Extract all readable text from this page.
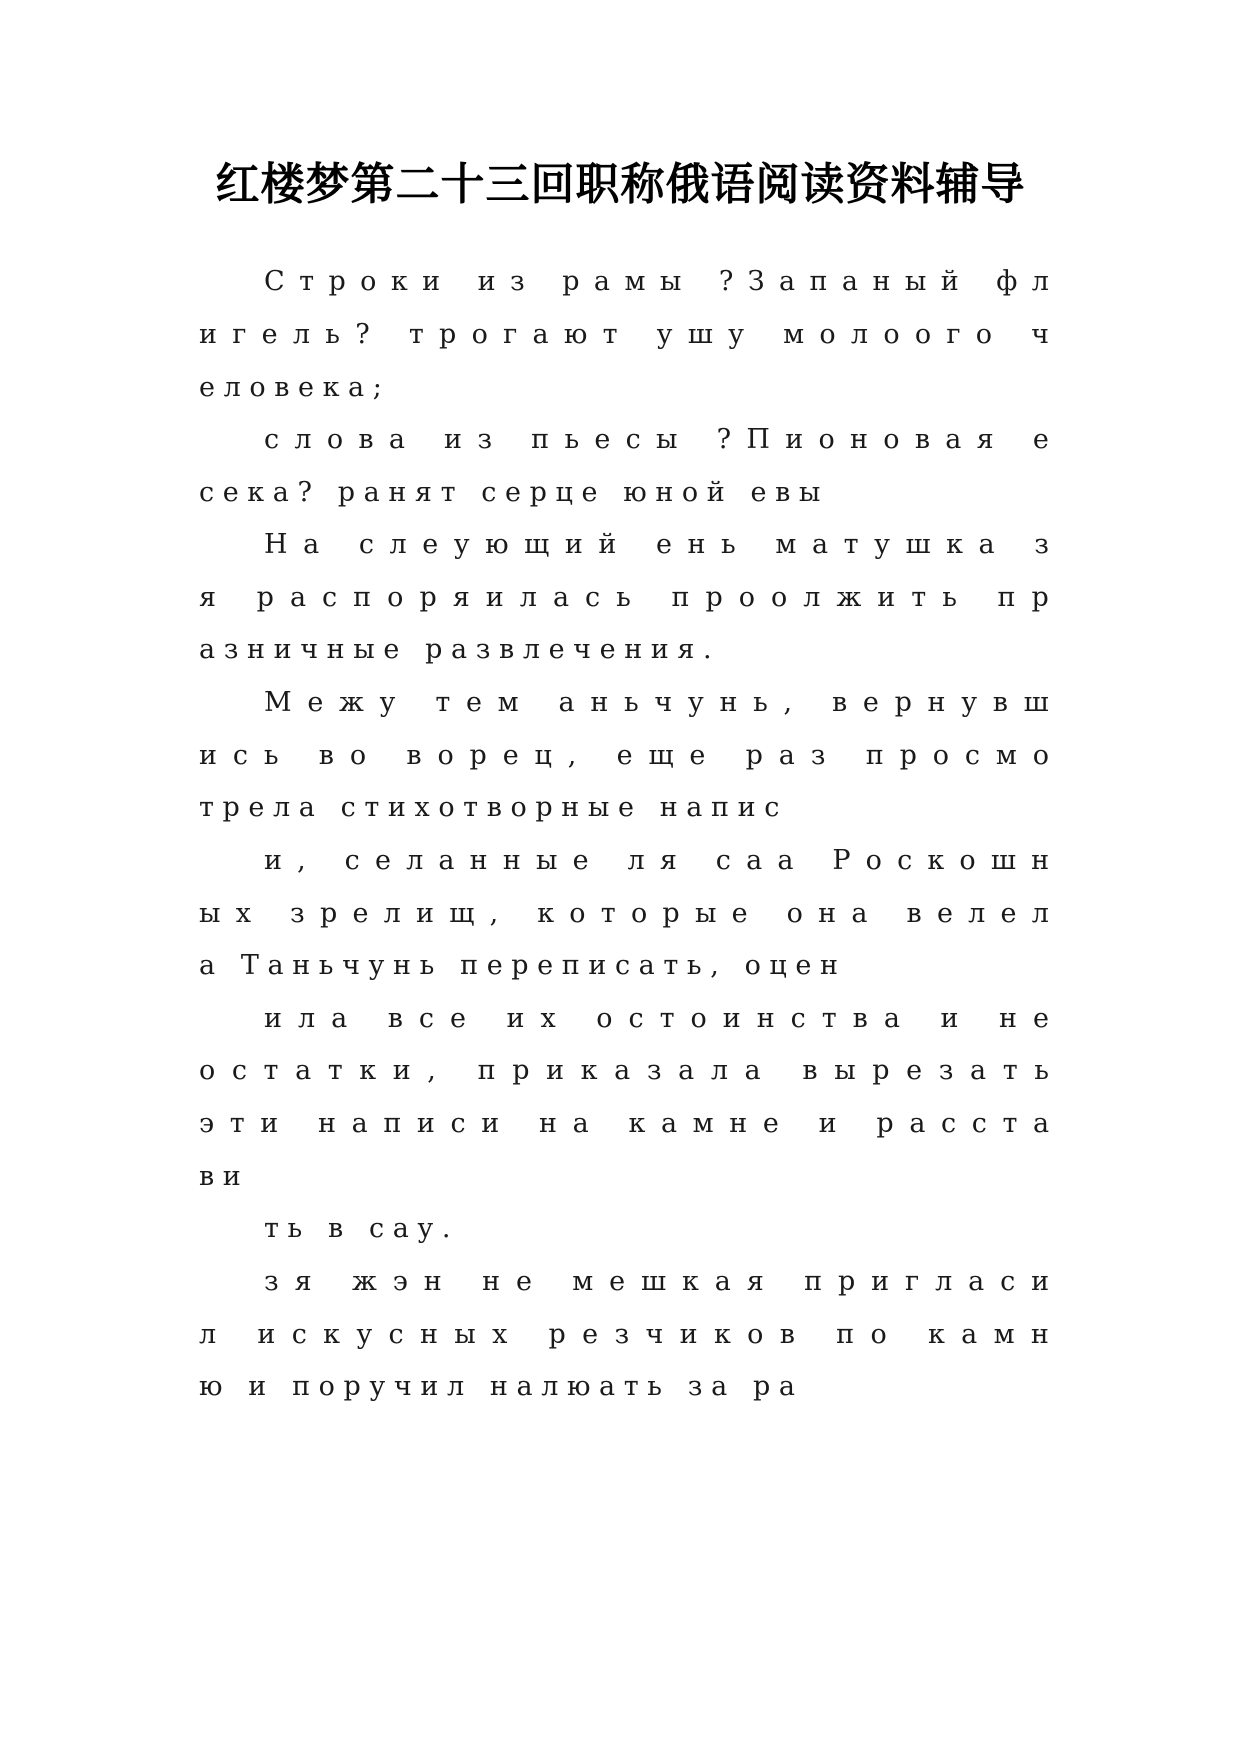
红楼梦第二十三回职称俄语阅读资料辅导
С т р о к и и з р а м ы ? З а п а н ы й ф л
и г е л ь ? т р о г а ю т у ш у м о л о о г о ч
е л о в е к а ;
с л о в а и з п ь е с ы ? П и о н о в а я е
с е к а ? р а н я т с е р ц е ю н о й е в ы
Н а с л е у ю щ и й е н ь м а т у ш к а з
я р а с п о р я и л а с ь п р о о л ж и т ь п р
а з н и ч н ы е р а з в л е ч е н и я .
М е ж у т е м а н ь ч у н ь , в е р н у в ш
и с ь в о в о р е ц , е щ е р а з п р о с м о
т р е л а с т и х о т в о р н ы е н а п и с
и , с е л а н н ы е л я с а а Р о с к о ш н
ы х з р е л и щ , к о т о р ы е о н а в е л е л
а Т а н ь ч у н ь п е р е п и с а т ь , о ц е н
и л а в с е и х о с т о и н с т в а и н е
о с т а т к и , п р и к а з а л а в ы р е з а т ь
э т и н а п и с и н а к а м н е и р а с с т а
в и
т ь в с а у .
з я ж э н н е м е ш к а я п р и г л а с и
л и с к у с н ы х р е з ч и к о в п о к а м н
ю и п о р у ч и л н а л ю а т ь з а р а
